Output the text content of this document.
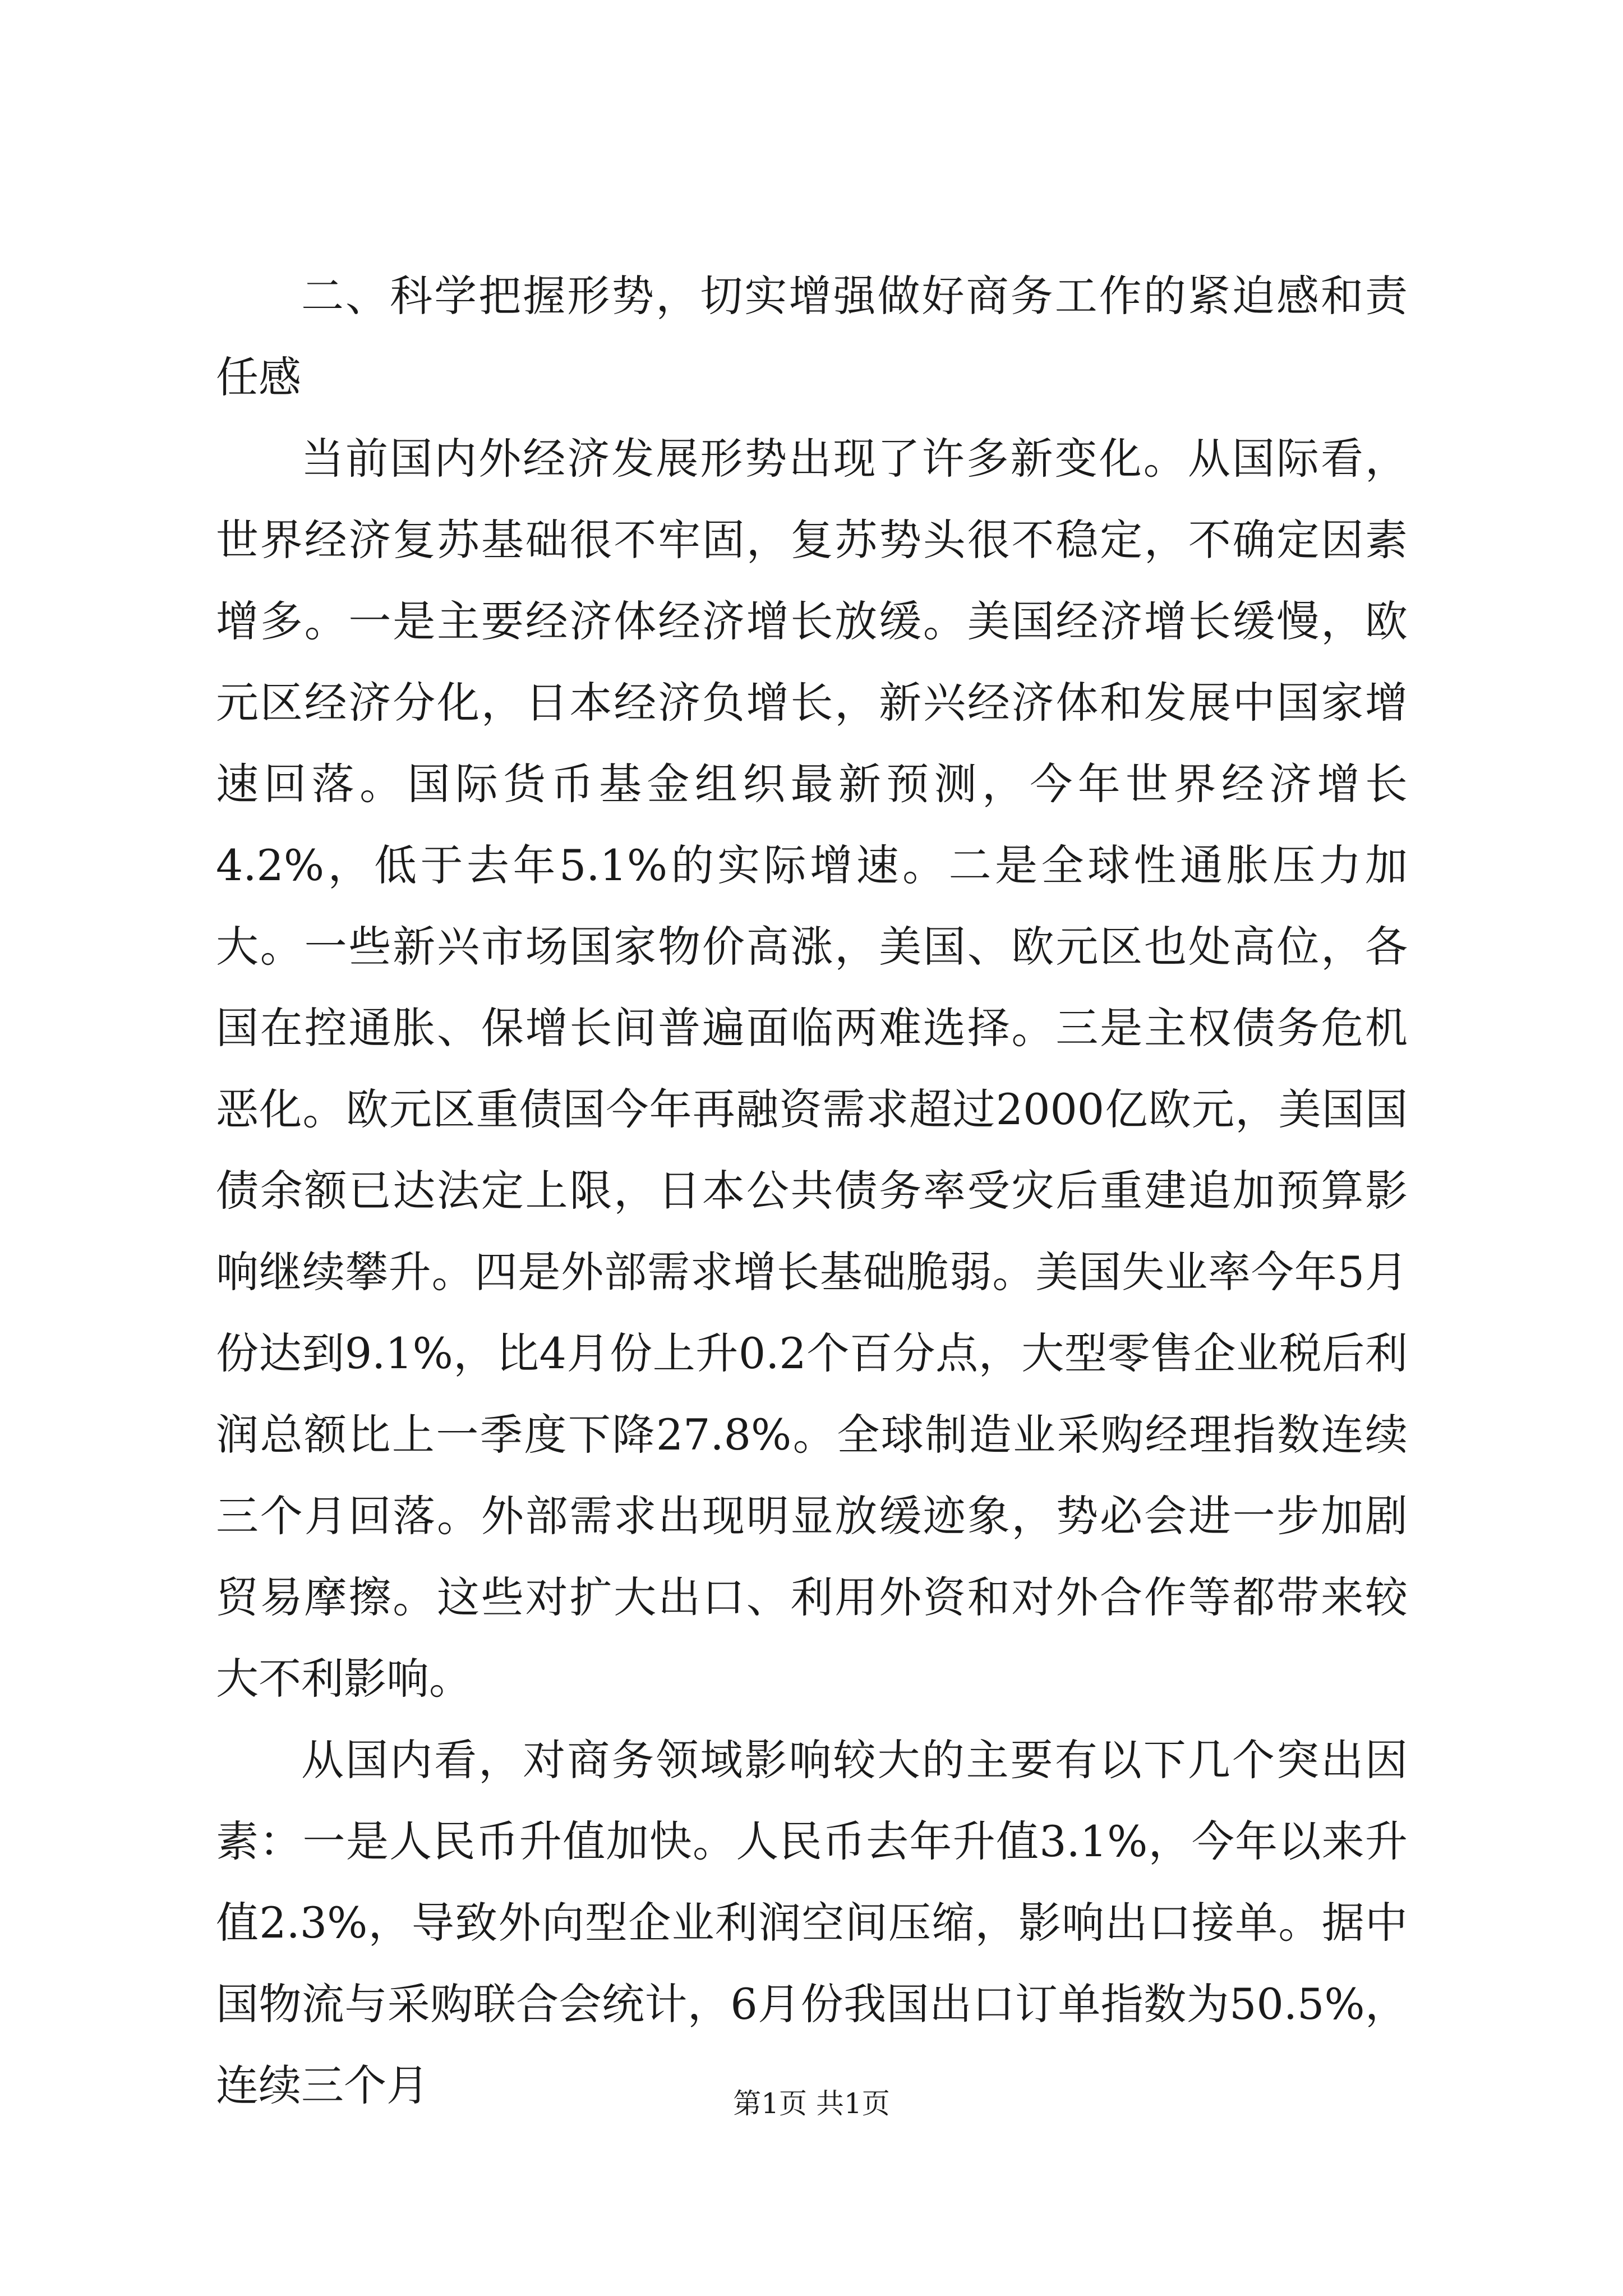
二、科学把握形势，切实增强做好商务工作的紧迫感和责任感

当前国内外经济发展形势出现了许多新变化。从国际看，世界经济复苏基础很不牢固，复苏势头很不稳定，不确定因素增多。一是主要经济体经济增长放缓。美国经济增长缓慢，欧元区经济分化，日本经济负增长，新兴经济体和发展中国家增速回落。国际货币基金组织最新预测，今年世界经济增长4.2%，低于去年5.1%的实际增速。二是全球性通胀压力加大。一些新兴市场国家物价高涨，美国、欧元区也处高位，各国在控通胀、保增长间普遍面临两难选择。三是主权债务危机恶化。欧元区重债国今年再融资需求超过2000亿欧元，美国国债余额已达法定上限，日本公共债务率受灾后重建追加预算影响继续攀升。四是外部需求增长基础脆弱。美国失业率今年5月份达到9.1%，比4月份上升0.2个百分点，大型零售企业税后利润总额比上一季度下降27.8%。全球制造业采购经理指数连续三个月回落。外部需求出现明显放缓迹象，势必会进一步加剧贸易摩擦。这些对扩大出口、利用外资和对外合作等都带来较大不利影响。

从国内看，对商务领域影响较大的主要有以下几个突出因素：一是人民币升值加快。人民币去年升值3.1%，今年以来升值2.3%，导致外向型企业利润空间压缩，影响出口接单。据中国物流与采购联合会统计，6月份我国出口订单指数为50.5%，连续三个月	第1页 共1页
